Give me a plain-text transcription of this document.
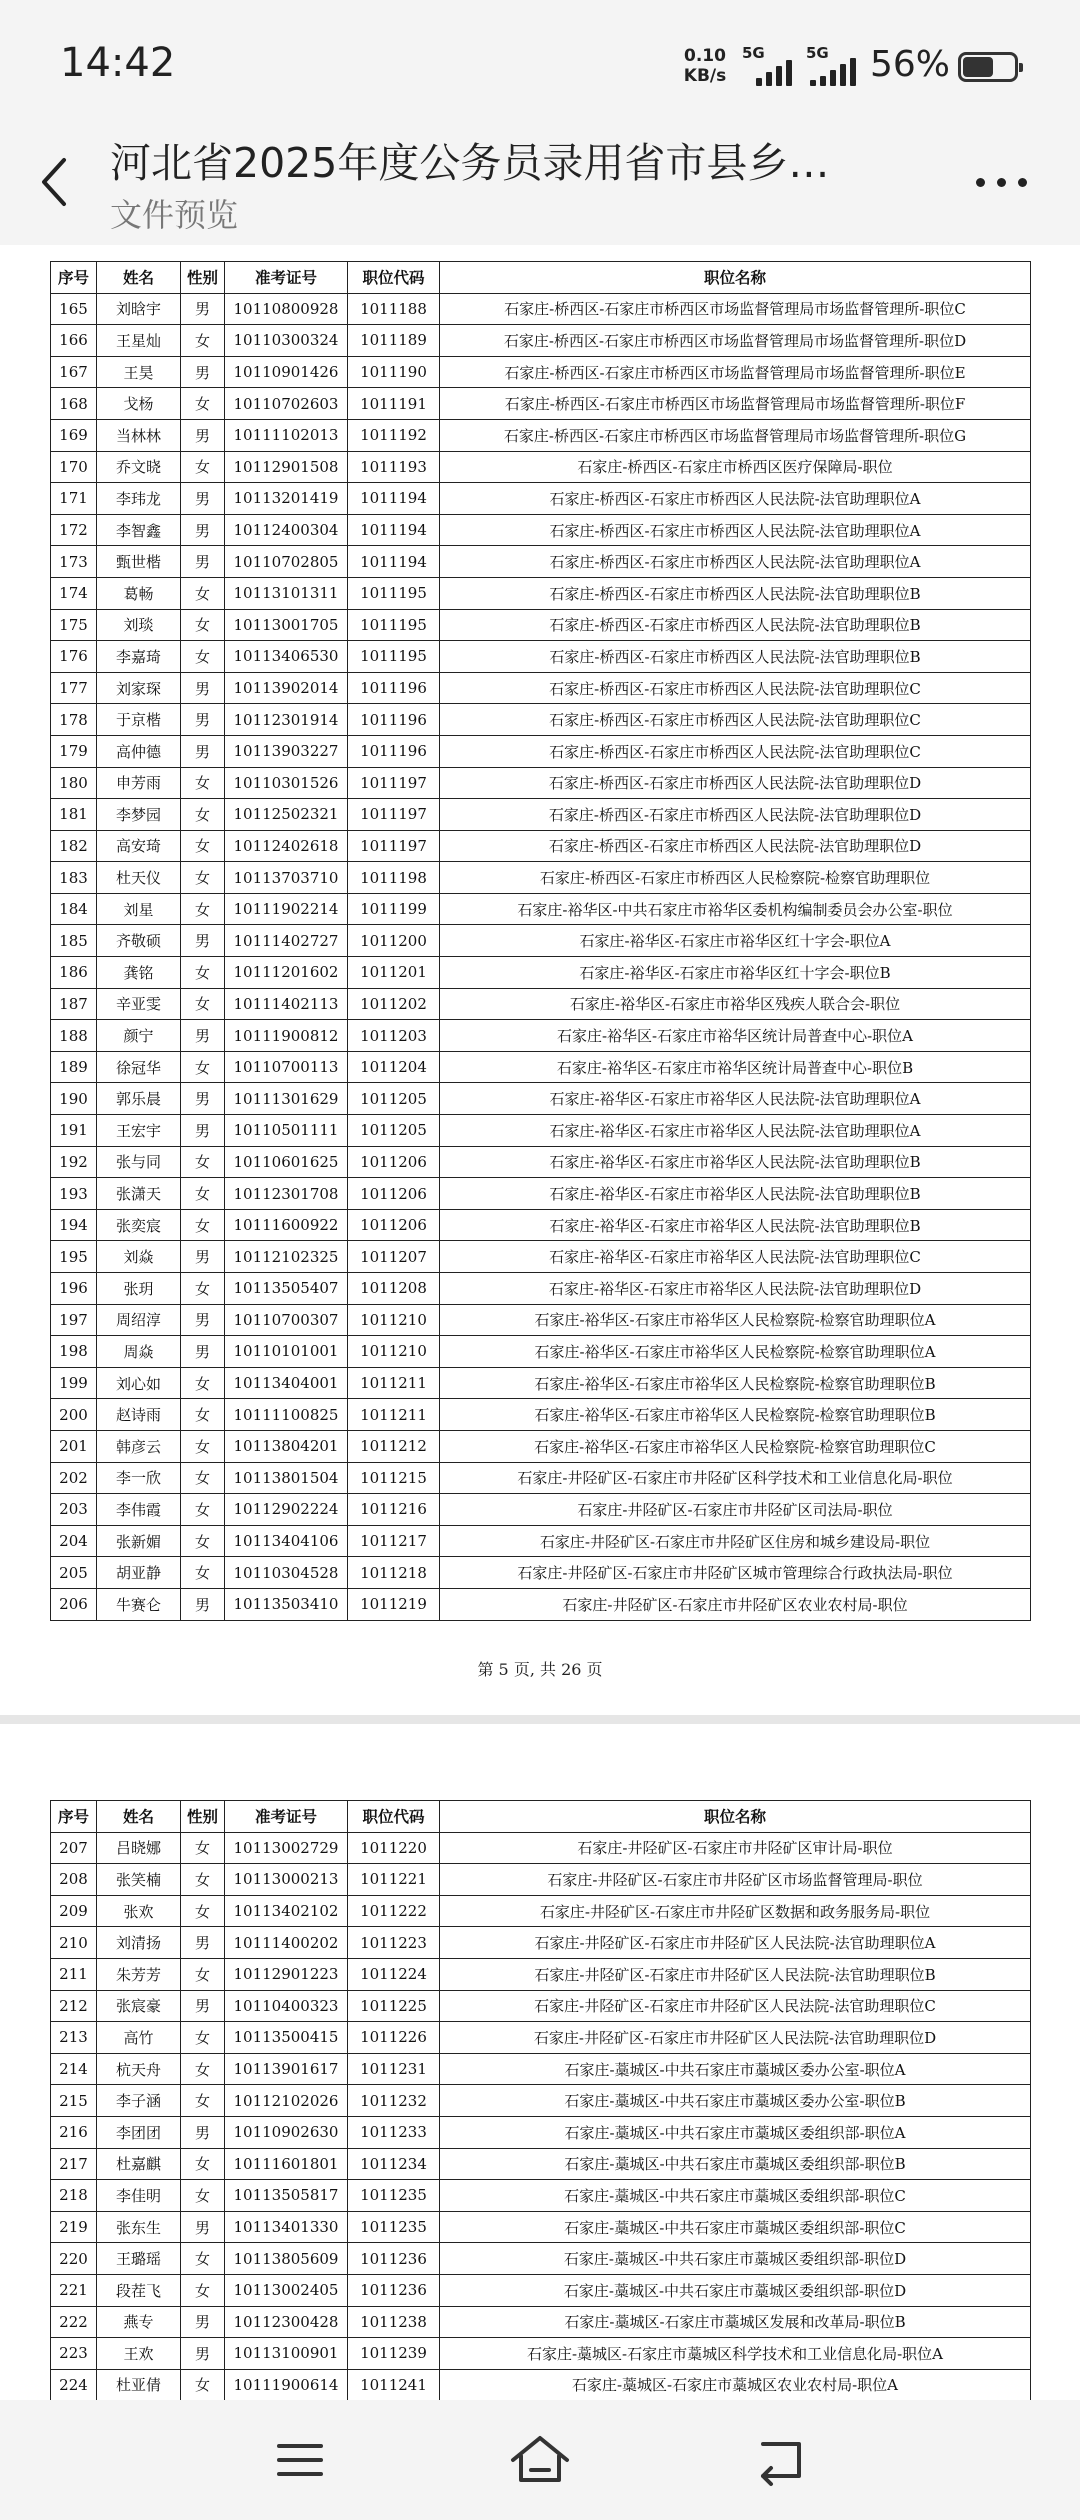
14:42	0.10
KB/s
5G	5G 56%
河北省2025年度公务员录用省市县乡…
文件预览
序号	姓名	性别	准考证号	职位代码	职位名称
165	刘晗宇	男	10110800928	1011188	石家庄-桥西区-石家庄市桥西区市场监督管理局市场监督管理所-职位C
166	王星灿	女	10110300324	1011189	石家庄-桥西区-石家庄市桥西区市场监督管理局市场监督管理所-职位D
167	王昊	男	10110901426	1011190	石家庄-桥西区-石家庄市桥西区市场监督管理局市场监督管理所-职位E
168	戈杨	女	10110702603	1011191	石家庄-桥西区-石家庄市桥西区市场监督管理局市场监督管理所-职位F
169	当林林	男	10111102013	1011192	石家庄-桥西区-石家庄市桥西区市场监督管理局市场监督管理所-职位G
170	乔文晓	女	10112901508	1011193	石家庄-桥西区-石家庄市桥西区医疗保障局-职位
171	李玮龙	男	10113201419	1011194	石家庄-桥西区-石家庄市桥西区人民法院-法官助理职位A
172	李智鑫	男	10112400304	1011194	石家庄-桥西区-石家庄市桥西区人民法院-法官助理职位A
173	甄世楷	男	10110702805	1011194	石家庄-桥西区-石家庄市桥西区人民法院-法官助理职位A
174	葛畅	女	10113101311	1011195	石家庄-桥西区-石家庄市桥西区人民法院-法官助理职位B
175	刘琰	女	10113001705	1011195	石家庄-桥西区-石家庄市桥西区人民法院-法官助理职位B
176	李嘉琦	女	10113406530	1011195	石家庄-桥西区-石家庄市桥西区人民法院-法官助理职位B
177	刘家琛	男	10113902014	1011196	石家庄-桥西区-石家庄市桥西区人民法院-法官助理职位C
178	于京楷	男	10112301914	1011196	石家庄-桥西区-石家庄市桥西区人民法院-法官助理职位C
179	高仲德	男	10113903227	1011196	石家庄-桥西区-石家庄市桥西区人民法院-法官助理职位C
180	申芳雨	女	10110301526	1011197	石家庄-桥西区-石家庄市桥西区人民法院-法官助理职位D
181	李梦园	女	10112502321	1011197	石家庄-桥西区-石家庄市桥西区人民法院-法官助理职位D
182	高安琦	女	10112402618	1011197	石家庄-桥西区-石家庄市桥西区人民法院-法官助理职位D
183	杜天仪	女	10113703710	1011198	石家庄-桥西区-石家庄市桥西区人民检察院-检察官助理职位
184	刘星	女	10111902214	1011199	石家庄-裕华区-中共石家庄市裕华区委机构编制委员会办公室-职位
185	齐敬硕	男	10111402727	1011200	石家庄-裕华区-石家庄市裕华区红十字会-职位A
186	龚铭	女	10111201602	1011201	石家庄-裕华区-石家庄市裕华区红十字会-职位B
187	辛亚雯	女	10111402113	1011202	石家庄-裕华区-石家庄市裕华区残疾人联合会-职位
188	颜宁	男	10111900812	1011203	石家庄-裕华区-石家庄市裕华区统计局普查中心-职位A
189	徐冠华	女	10110700113	1011204	石家庄-裕华区-石家庄市裕华区统计局普查中心-职位B
190	郭乐晨	男	10111301629	1011205	石家庄-裕华区-石家庄市裕华区人民法院-法官助理职位A
191	王宏宇	男	10110501111	1011205	石家庄-裕华区-石家庄市裕华区人民法院-法官助理职位A
192	张与同	女	10110601625	1011206	石家庄-裕华区-石家庄市裕华区人民法院-法官助理职位B
193	张潇天	女	10112301708	1011206	石家庄-裕华区-石家庄市裕华区人民法院-法官助理职位B
194	张奕宸	女	10111600922	1011206	石家庄-裕华区-石家庄市裕华区人民法院-法官助理职位B
195	刘焱	男	10112102325	1011207	石家庄-裕华区-石家庄市裕华区人民法院-法官助理职位C
196	张玥	女	10113505407	1011208	石家庄-裕华区-石家庄市裕华区人民法院-法官助理职位D
197	周绍淳	男	10110700307	1011210	石家庄-裕华区-石家庄市裕华区人民检察院-检察官助理职位A
198	周焱	男	10110101001	1011210	石家庄-裕华区-石家庄市裕华区人民检察院-检察官助理职位A
199	刘心如	女	10113404001	1011211	石家庄-裕华区-石家庄市裕华区人民检察院-检察官助理职位B
200	赵诗雨	女	10111100825	1011211	石家庄-裕华区-石家庄市裕华区人民检察院-检察官助理职位B
201	韩彦云	女	10113804201	1011212	石家庄-裕华区-石家庄市裕华区人民检察院-检察官助理职位C
202	李一欣	女	10113801504	1011215	石家庄-井陉矿区-石家庄市井陉矿区科学技术和工业信息化局-职位
203	李伟霞	女	10112902224	1011216	石家庄-井陉矿区-石家庄市井陉矿区司法局-职位
204	张新媚	女	10113404106	1011217	石家庄-井陉矿区-石家庄市井陉矿区住房和城乡建设局-职位
205	胡亚静	女	10110304528	1011218	石家庄-井陉矿区-石家庄市井陉矿区城市管理综合行政执法局-职位
206	牛赛仑	男	10113503410	1011219	石家庄-井陉矿区-石家庄市井陉矿区农业农村局-职位
第 5 页, 共 26 页
序号	姓名	性别	准考证号	职位代码	职位名称
207	吕晓娜	女	10113002729	1011220	石家庄-井陉矿区-石家庄市井陉矿区审计局-职位
208	张笑楠	女	10113000213	1011221	石家庄-井陉矿区-石家庄市井陉矿区市场监督管理局-职位
209	张欢	女	10113402102	1011222	石家庄-井陉矿区-石家庄市井陉矿区数据和政务服务局-职位
210	刘清扬	男	10111400202	1011223	石家庄-井陉矿区-石家庄市井陉矿区人民法院-法官助理职位A
211	朱芳芳	女	10112901223	1011224	石家庄-井陉矿区-石家庄市井陉矿区人民法院-法官助理职位B
212	张宸豪	男	10110400323	1011225	石家庄-井陉矿区-石家庄市井陉矿区人民法院-法官助理职位C
213	高竹	女	10113500415	1011226	石家庄-井陉矿区-石家庄市井陉矿区人民法院-法官助理职位D
214	杭天舟	女	10113901617	1011231	石家庄-藁城区-中共石家庄市藁城区委办公室-职位A
215	李子涵	女	10112102026	1011232	石家庄-藁城区-中共石家庄市藁城区委办公室-职位B
216	李团团	男	10110902630	1011233	石家庄-藁城区-中共石家庄市藁城区委组织部-职位A
217	杜嘉麒	女	10111601801	1011234	石家庄-藁城区-中共石家庄市藁城区委组织部-职位B
218	李佳明	女	10113505817	1011235	石家庄-藁城区-中共石家庄市藁城区委组织部-职位C
219	张东生	男	10113401330	1011235	石家庄-藁城区-中共石家庄市藁城区委组织部-职位C
220	王璐瑶	女	10113805609	1011236	石家庄-藁城区-中共石家庄市藁城区委组织部-职位D
221	段茬飞	女	10113002405	1011236	石家庄-藁城区-中共石家庄市藁城区委组织部-职位D
222	燕专	男	10112300428	1011238	石家庄-藁城区-石家庄市藁城区发展和改革局-职位B
223	王欢	男	10113100901	1011239	石家庄-藁城区-石家庄市藁城区科学技术和工业信息化局-职位A
224	杜亚倩	女	10111900614	1011241	石家庄-藁城区-石家庄市藁城区农业农村局-职位A
